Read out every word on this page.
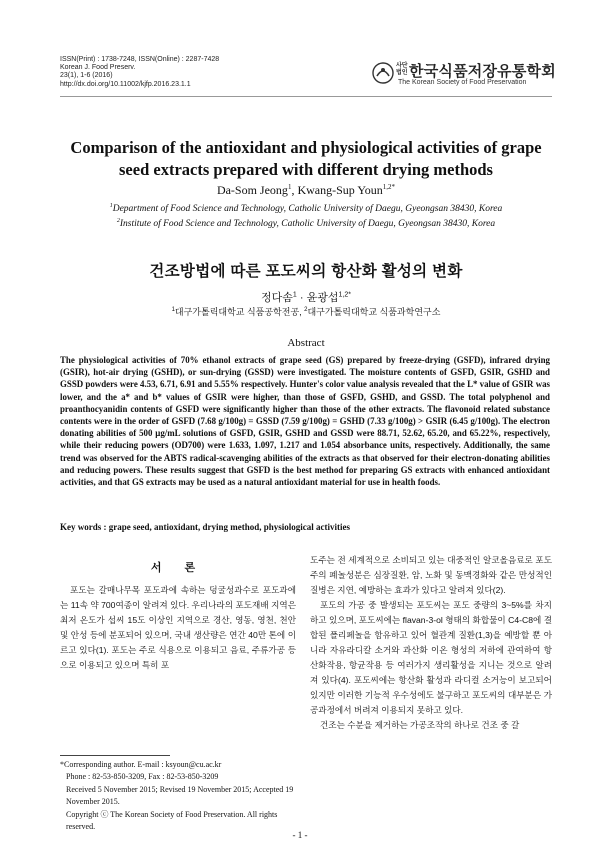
ISSN(Print) : 1738-7248, ISSN(Online) : 2287-7428
Korean J. Food Preserv.
23(1), 1-6 (2016)
http://dx.doi.org/10.11002/kjfp.2016.23.1.1
사단법인 한국식품저장유통학회
The Korean Society of Food Preservation
Comparison of the antioxidant and physiological activities of grape seed extracts prepared with different drying methods
Da-Som Jeong$^1$, Kwang-Sup Youn$^{1,2*}$
$^1$Department of Food Science and Technology, Catholic University of Daegu, Gyeongsan 38430, Korea
$^2$Institute of Food Science and Technology, Catholic University of Daegu, Gyeongsan 38430, Korea
건조방법에 따른 포도씨의 항산화 활성의 변화
정다솜$^1$ · 윤광섭$^{1,2*}$
$^1$대구가톨릭대학교 식품공학전공, $^2$대구가톨릭대학교 식품과학연구소
Abstract
The physiological activities of 70% ethanol extracts of grape seed (GS) prepared by freeze-drying (GSFD), infrared drying (GSIR), hot-air drying (GSHD), or sun-drying (GSSD) were investigated. The moisture contents of GSFD, GSIR, GSHD and GSSD powders were 4.53, 6.71, 6.91 and 5.55% respectively. Hunter's color value analysis revealed that the L* value of GSIR was lower, and the a* and b* values of GSIR were higher, than those of GSFD, GSHD, and GSSD. The total polyphenol and proanthocyanidin contents of GSFD were significantly higher than those of the other extracts. The flavonoid related substance contents were in the order of GSFD (7.68 g/100g) = GSSD (7.59 g/100g) = GSHD (7.33 g/100g) > GSIR (6.45 g/100g). The electron donating abilities of 500 μg/mL solutions of GSFD, GSIR, GSHD and GSSD were 88.71, 52.62, 65.20, and 65.22%, respectively, while their reducing powers (OD700) were 1.633, 1.097, 1.217 and 1.054 absorbance units, respectively. Additionally, the same trend was observed for the ABTS radical-scavenging abilities of the extracts as that observed for their electron-donating abilities and reducing powers. These results suggest that GSFD is the best method for preparing GS extracts with enhanced antioxidant activities, and that GS extracts may be used as a natural antioxidant material for use in health foods.
Key words : grape seed, antioxidant, drying method, physiological activities
서 론

포도는 갈매나무목 포도과에 속하는 덩굴성과수로 포도과에는 11속 약 700여종이 알려져 있다. 우리나라의 포도재배 지역은 최저 온도가 섭씨 15도 이상인 지역으로 경산, 영동, 영천, 천안 및 안성 등에 분포되어 있으며, 국내 생산량은 연간 40만 톤에 이르고 있다(1). 포도는 주로 식용으로 이용되고 음료, 주류가공 등으로 이용되고 있으며 특히 포

도주는 전 세계적으로 소비되고 있는 대중적인 알코올음료로 포도주의 폐놀성분은 심장질환, 암, 노화 및 동맥경화와 같은 만성적인 질병은 지연, 예방하는 효과가 있다고 알려져 있다(2).

포도의 가공 중 발생되는 포도씨는 포도 중량의 3~5%를 차지하고 있으며, 포도씨에는 flavan-3-ol 형태의 화합물이 C4-C8에 결합된 폴리페놀을 함유하고 있어 혈관계 질환(1,3)을 예방할 뿐 아니라 자유라디칼 소거와 과산화 이온 형성의 저하에 관여하여 항산화작용, 항균작용 등 여러가지 생리활성을 지니는 것으로 알려져 있다(4). 포도씨에는 항산화 활성과 라디컬 소거능이 보고되어있지만 이러한 기능적 우수성에도 불구하고 포도씨의 대부분은 가공과정에서 버려져 이용되지 못하고 있다.

건조는 수분을 제거하는 가공조작의 하나로 건조 중 갈

*Corresponding author. E-mail : ksyoun@cu.ac.kr
Phone : 82-53-850-3209, Fax : 82-53-850-3209
Received 5 November 2015; Revised 19 November 2015; Accepted 19 November 2015.
Copyright ⓒ The Korean Society of Food Preservation. All rights reserved.
- 1 -
